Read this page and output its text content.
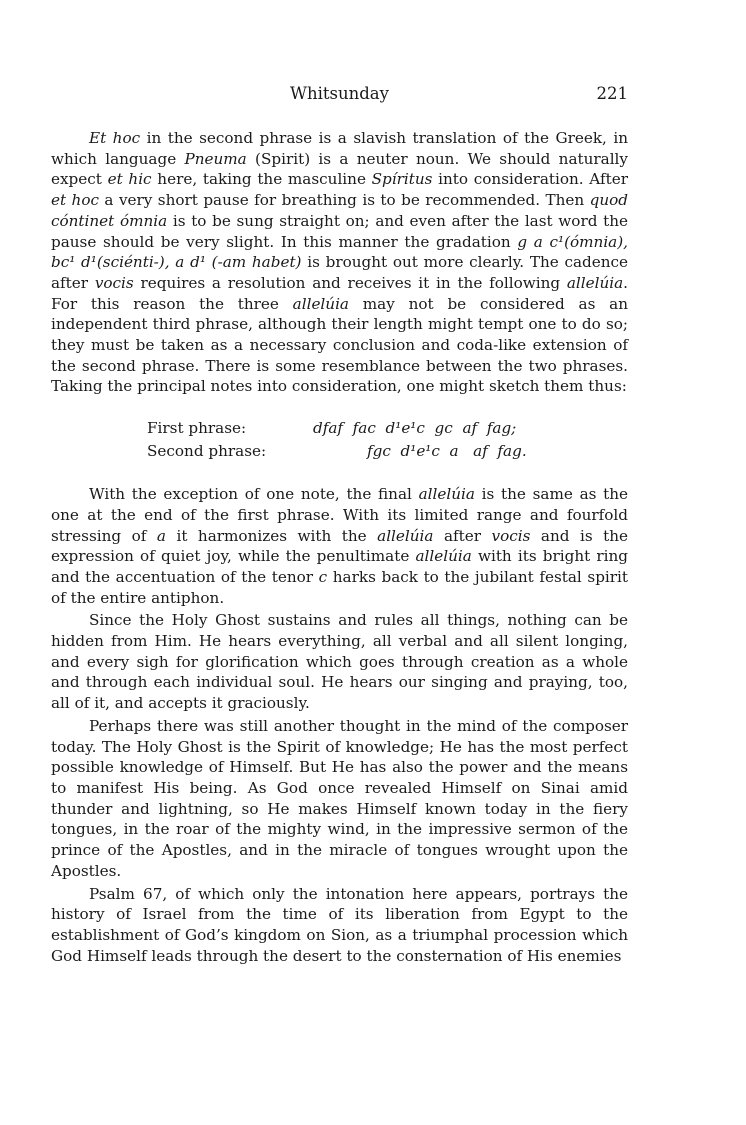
Whitsunday	221

Et hoc in the second phrase is a slavish translation of the Greek, in which language Pneuma (Spirit) is a neuter noun. We should naturally expect et hic here, taking the masculine Spíritus into consideration. After et hoc a very short pause for breathing is to be recommended. Then quod cóntinet ómnia is to be sung straight on; and even after the last word the pause should be very slight. In this manner the gradation g a c¹(ómnia), bc¹ d¹(sciénti-), a d¹ (-am habet) is brought out more clearly. The cadence after vocis requires a resolution and receives it in the following allelúia. For this reason the three allelúia may not be considered as an independent third phrase, although their length might tempt one to do so; they must be taken as a necessary conclusion and coda-like extension of the second phrase. There is some resemblance between the two phrases. Taking the principal notes into consideration, one might sketch them thus:

First phrase:	dfaf  fac  d¹e¹c  gc  af  fag;
Second phrase:	fgc  d¹e¹c  a   af  fag.

With the exception of one note, the final allelúia is the same as the one at the end of the first phrase. With its limited range and fourfold stressing of a it harmonizes with the allelúia after vocis and is the expression of quiet joy, while the penultimate allelúia with its bright ring and the accentuation of the tenor c harks back to the jubilant festal spirit of the entire antiphon.

Since the Holy Ghost sustains and rules all things, nothing can be hidden from Him. He hears everything, all verbal and all silent longing, and every sigh for glorification which goes through creation as a whole and through each individual soul. He hears our singing and praying, too, all of it, and accepts it graciously.

Perhaps there was still another thought in the mind of the composer today. The Holy Ghost is the Spirit of knowledge; He has the most perfect possible knowledge of Himself. But He has also the power and the means to manifest His being. As God once revealed Himself on Sinai amid thunder and lightning, so He makes Himself known today in the fiery tongues, in the roar of the mighty wind, in the impressive sermon of the prince of the Apostles, and in the miracle of tongues wrought upon the Apostles.

Psalm 67, of which only the intonation here appears, portrays the history of Israel from the time of its liberation from Egypt to the establishment of God’s kingdom on Sion, as a triumphal procession which God Himself leads through the desert to the consternation of His enemies
